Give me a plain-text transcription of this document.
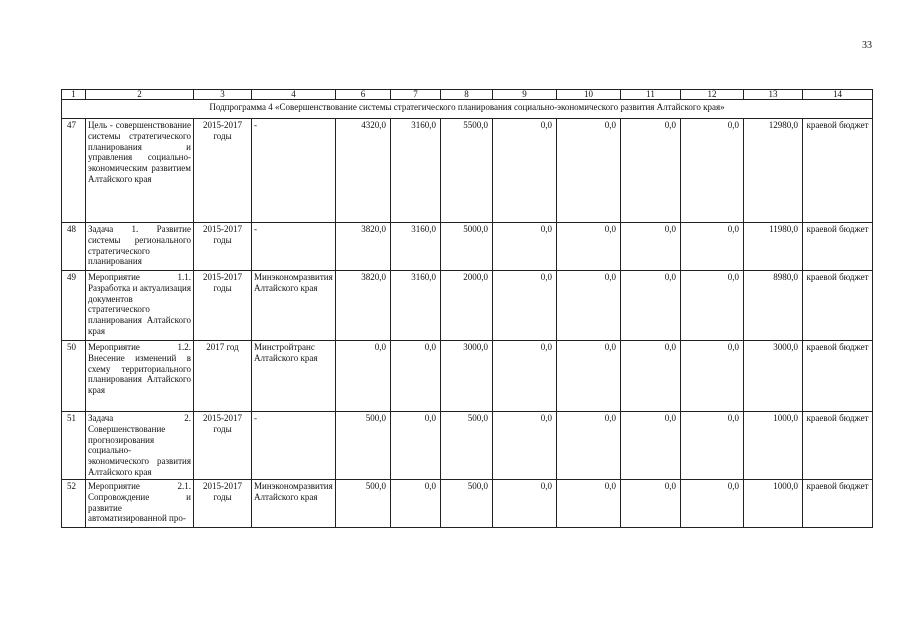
33
1	2	3	4	6	7	8	9	10	11	12	13	14
Подпрограмма 4 «Совершенствование системы стратегического планирования социально-экономического развития Алтайского края»												
47	Цель - совершенствование системы стратегического планирования и управления социально-экономическим развитием Алтайского края	2015-2017 годы	-	4320,0	3160,0	5500,0	0,0	0,0	0,0	0,0	12980,0	краевой бюджет
48	Задача 1. Развитие системы регионального стратегического планирования	2015-2017 годы	-	3820,0	3160,0	5000,0	0,0	0,0	0,0	0,0	11980,0	краевой бюджет
49	Мероприятие 1.1. Разработка и актуализация документов стратегического планирования Алтайского края	2015-2017 годы	Минэкономразвития Алтайского края	3820,0	3160,0	2000,0	0,0	0,0	0,0	0,0	8980,0	краевой бюджет
50	Мероприятие 1.2. Внесение изменений в схему территориального планирования Алтайского края	2017 год	Минстройтранс Алтайского края	0,0	0,0	3000,0	0,0	0,0	0,0	0,0	3000,0	краевой бюджет
51	Задача 2. Совершенствование прогнозирования социально-экономического развития Алтайского края	2015-2017 годы	-	500,0	0,0	500,0	0,0	0,0	0,0	0,0	1000,0	краевой бюджет
52	Мероприятие 2.1. Сопровождение и развитие автоматизированной про-	2015-2017 годы	Минэкономразвития Алтайского края	500,0	0,0	500,0	0,0	0,0	0,0	0,0	1000,0	краевой бюджет
